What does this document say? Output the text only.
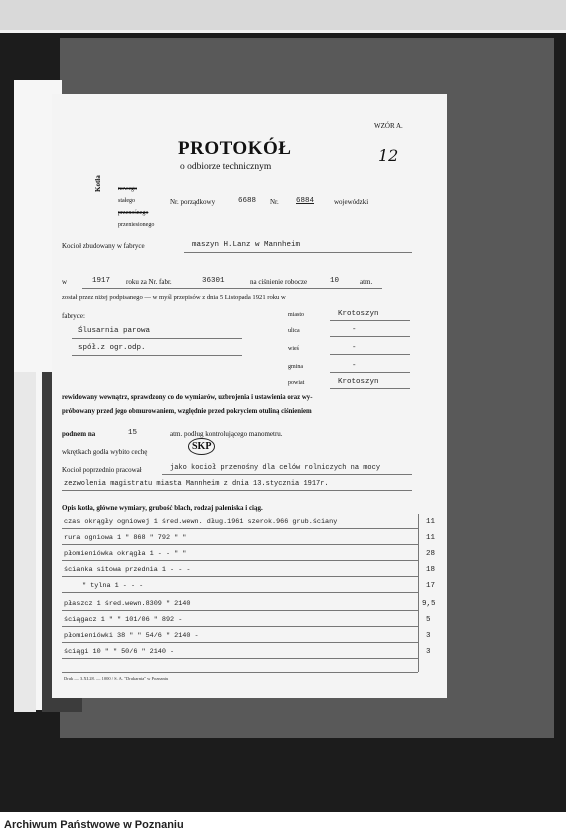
WZÓR A.
PROTOKÓŁ
o odbiorze technicznym
12
Kotła	nowego
stałego
przenośnego
przeniesionego
Nr. porządkowy	6688 Nr. 6884	wojewódzki
Kocioł zbudowany w fabryce	maszyn H.Lanz w Mannheim
w	1917 roku za Nr. fabr.	36301	na ciśnienie robocze	10	atm.
został przez niżej podpisanego — w myśl przepisów z dnia 5 Listopada 1921 roku w
fabryce:
Ślusarnia parowa
spół.z ogr.odp.
miasto	Krotoszyn
ulica	-
wieś	-
gmina	-
powiat	Krotoszyn
rewidowany wewnątrz, sprawdzony co do wymiarów, uzbrojenia i ustawienia oraz wy-
próbowany przed jego obmurowaniem, względnie przed pokryciem otuliną ciśnieniem
podnem na	15	atm. podług kontrolującego manometru.
wkrętkach godła wybito cechę	SKP
Kocioł poprzednio pracował	jako kocioł przenośny dla celów rolniczych na mocy
zezwolenia magistratu miasta Mannheim z dnia 13.stycznia 1917r.
Opis kotła, główne wymiary, grubość blach, rodzaj paleniska i ciąg.
czas okrągły ogniowej 1 śred.wewn. dług.1961 szerok.966 grub.ściany	11
rura ogniowa 1 " 868 " 792 " "	11
płomieniówka okrągła 1 - - " "	28
ścianka sitowa przednia 1 - - -	18
" tylna 1 - - -	17
płaszcz 1 śred.wewn.8309 " 2140	9,5
ściągacz 1 " " 101/06 " 892 -	5
płomieniówki 38 " " 54/6 " 2140 -	3
ściągi 10 " " 50/6 " 2140 -	3
Druk — 3.XI.28. — 1000 / S. A. "Drukarnia" w Poznaniu
Archiwum Państwowe w Poznaniu
